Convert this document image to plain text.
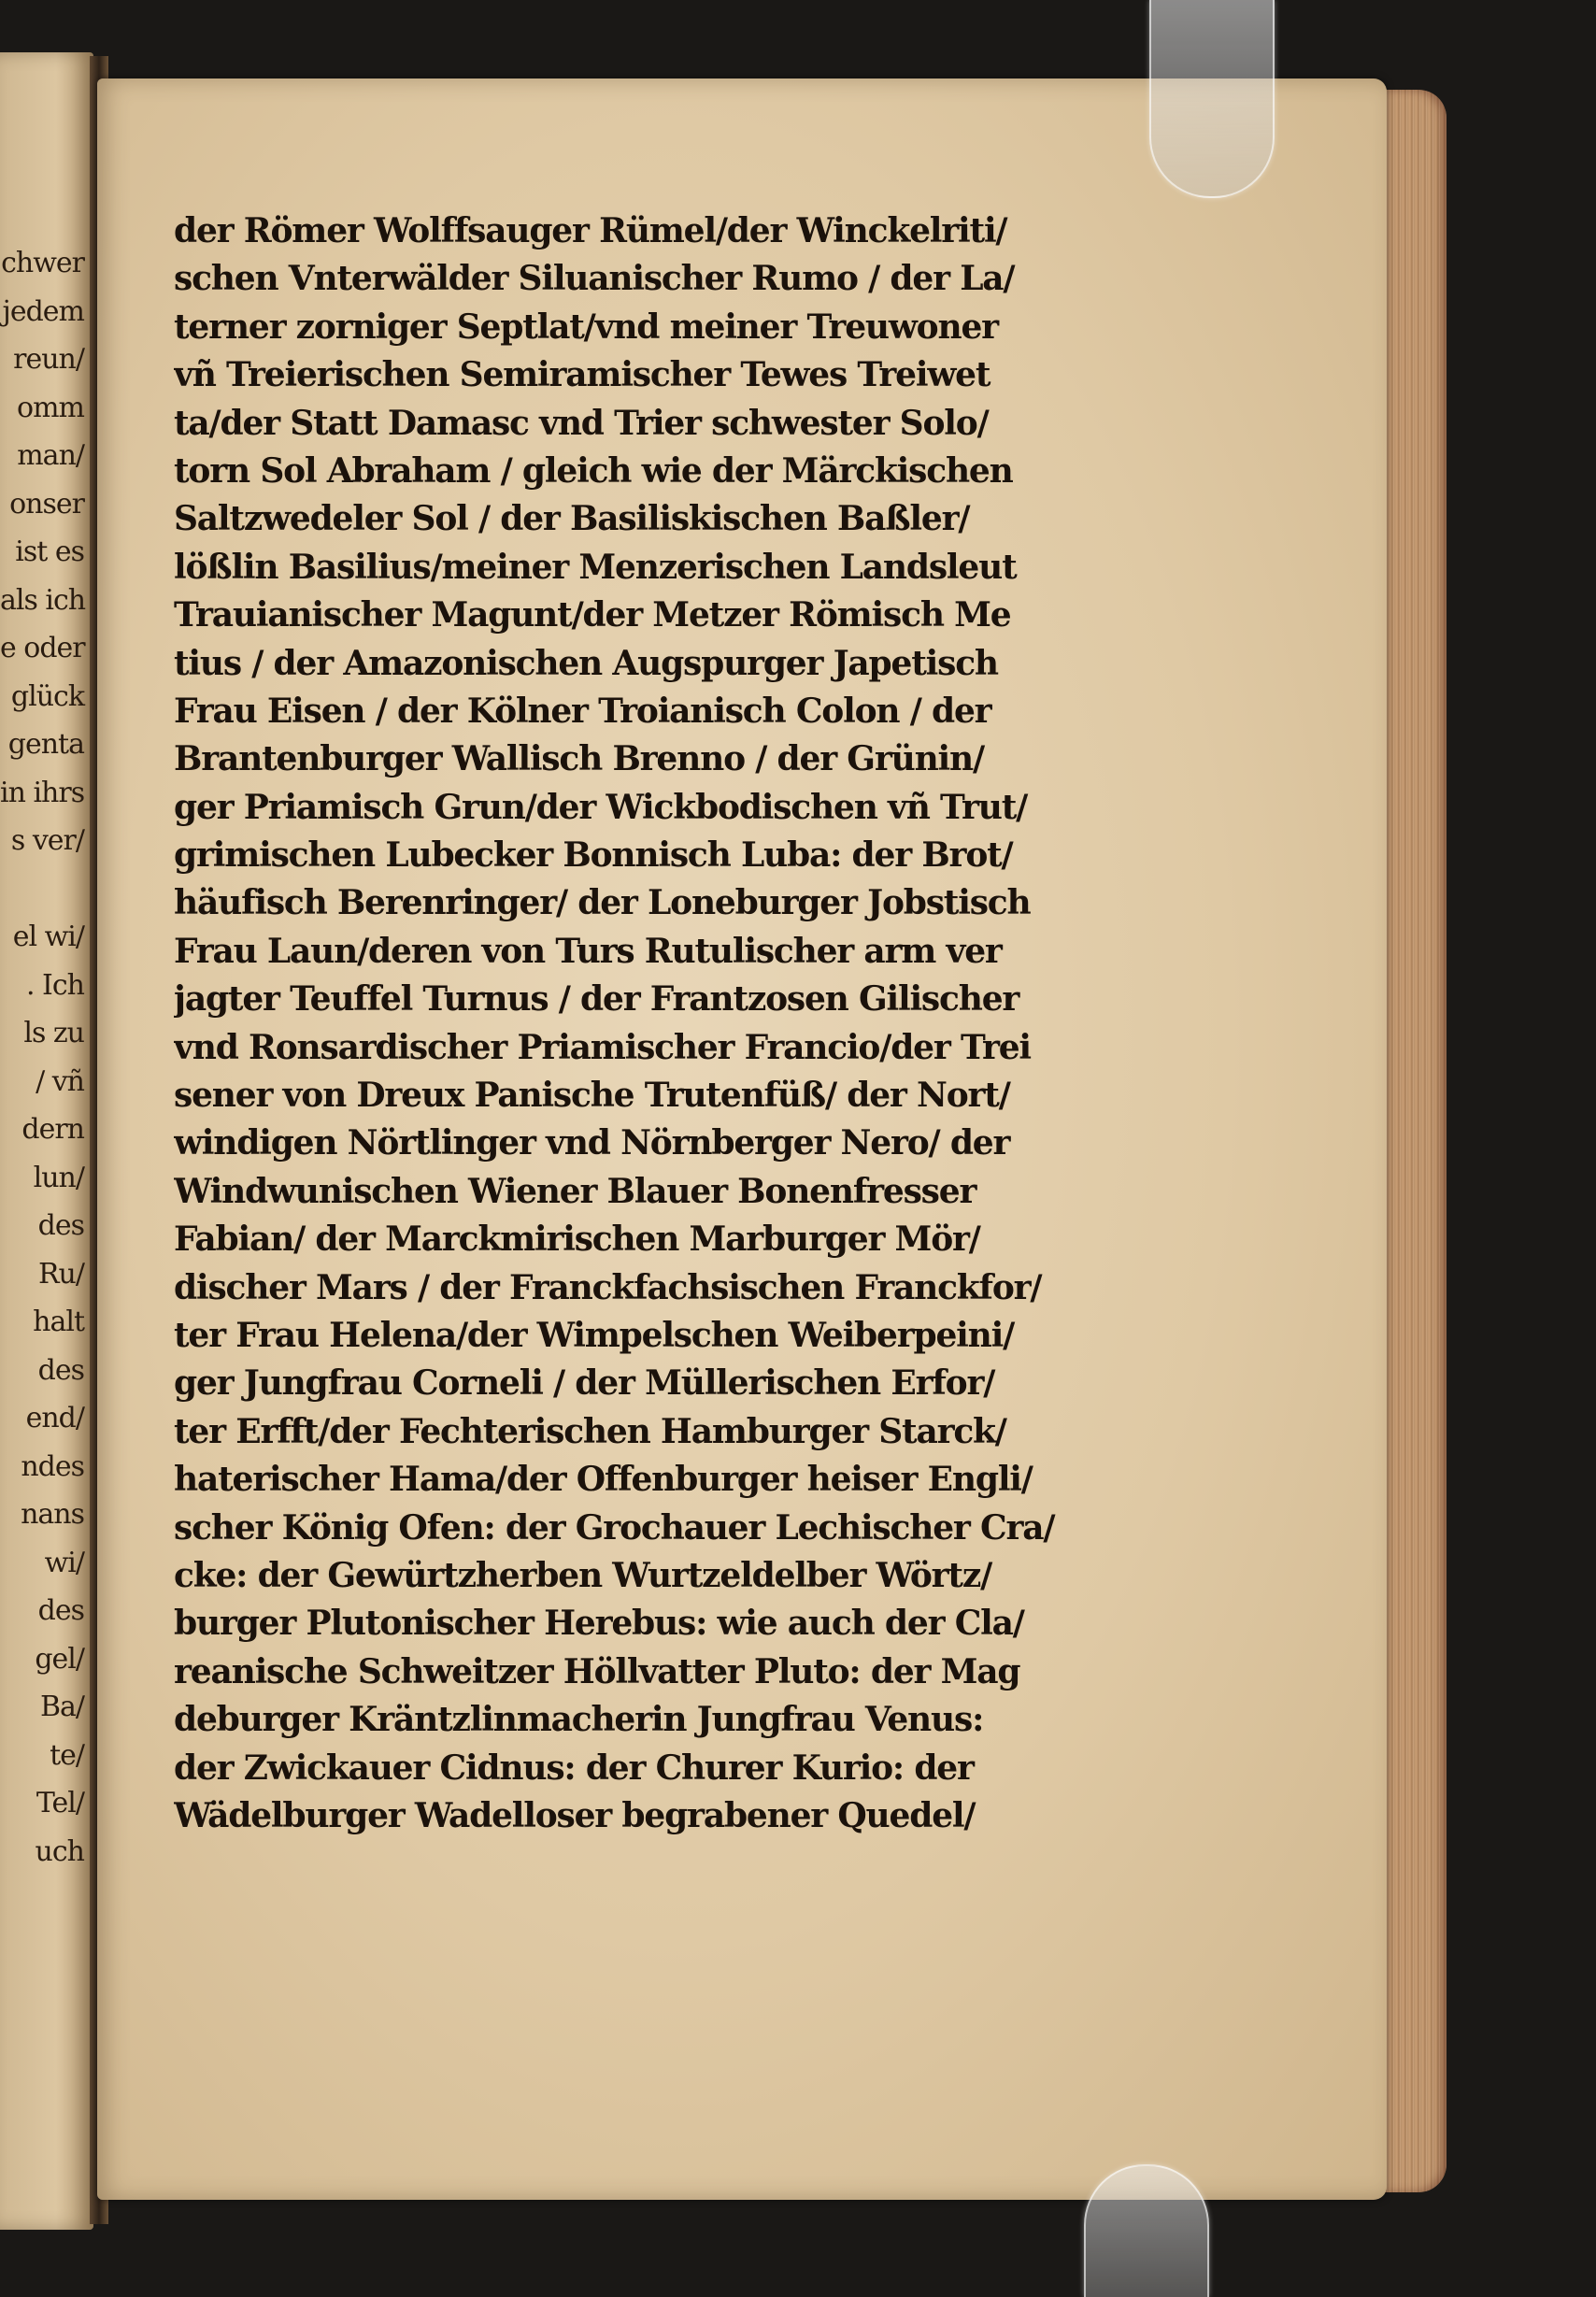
chwer
jedem
reun/
omm
man/
onser
ist es
als ich
e oder
glück
genta
in ihrs
s ver/
el wi/
. Ich
ls zu
/ vñ
dern
lun/
des
Ru/
halt
des
end/
ndes
nans
wi/
des
gel/
Ba/
te/
Tel/
uch
der Römer Wolffsauger Rümel/der Winckelriti/
schen Vnterwälder Siluanischer Rumo / der La/
terner zorniger Septlat/vnd meiner Treuwoner
vñ Treierischen Semiramischer Tewes Treiwet
ta/der Statt Damasc vnd Trier schwester Solo/
torn Sol Abraham / gleich wie der Märckischen
Saltzwedeler Sol / der Basiliskischen Baßler/
lößlin Basilius/meiner Menzerischen Landsleut
Trauianischer Magunt/der Metzer Römisch Me
tius / der Amazonischen Augspurger Japetisch
Frau Eisen / der Kölner Troianisch Colon / der
Brantenburger Wallisch Brenno / der Grünin/
ger Priamisch Grun/der Wickbodischen vñ Trut/
grimischen Lubecker Bonnisch Luba: der Brot/
häufisch Berenringer/ der Loneburger Jobstisch
Frau Laun/deren von Turs Rutulischer arm ver
jagter Teuffel Turnus / der Frantzosen Gilischer
vnd Ronsardischer Priamischer Francio/der Trei
sener von Dreux Panische Trutenfüß/ der Nort/
windigen Nörtlinger vnd Nörnberger Nero/ der
Windwunischen Wiener Blauer Bonenfresser
Fabian/ der Marckmirischen Marburger Mör/
discher Mars / der Franckfachsischen Franckfor/
ter Frau Helena/der Wimpelschen Weiberpeini/
ger Jungfrau Corneli / der Müllerischen Erfor/
ter Erfft/der Fechterischen Hamburger Starck/
haterischer Hama/der Offenburger heiser Engli/
scher König Ofen: der Grochauer Lechischer Cra/
cke: der Gewürtzherben Wurtzeldelber Wörtz/
burger Plutonischer Herebus: wie auch der Cla/
reanische Schweitzer Höllvatter Pluto: der Mag
deburger Kräntzlinmacherin Jungfrau Venus:
der Zwickauer Cidnus: der Churer Kurio: der
Wädelburger Wadelloser begrabener Quedel/
